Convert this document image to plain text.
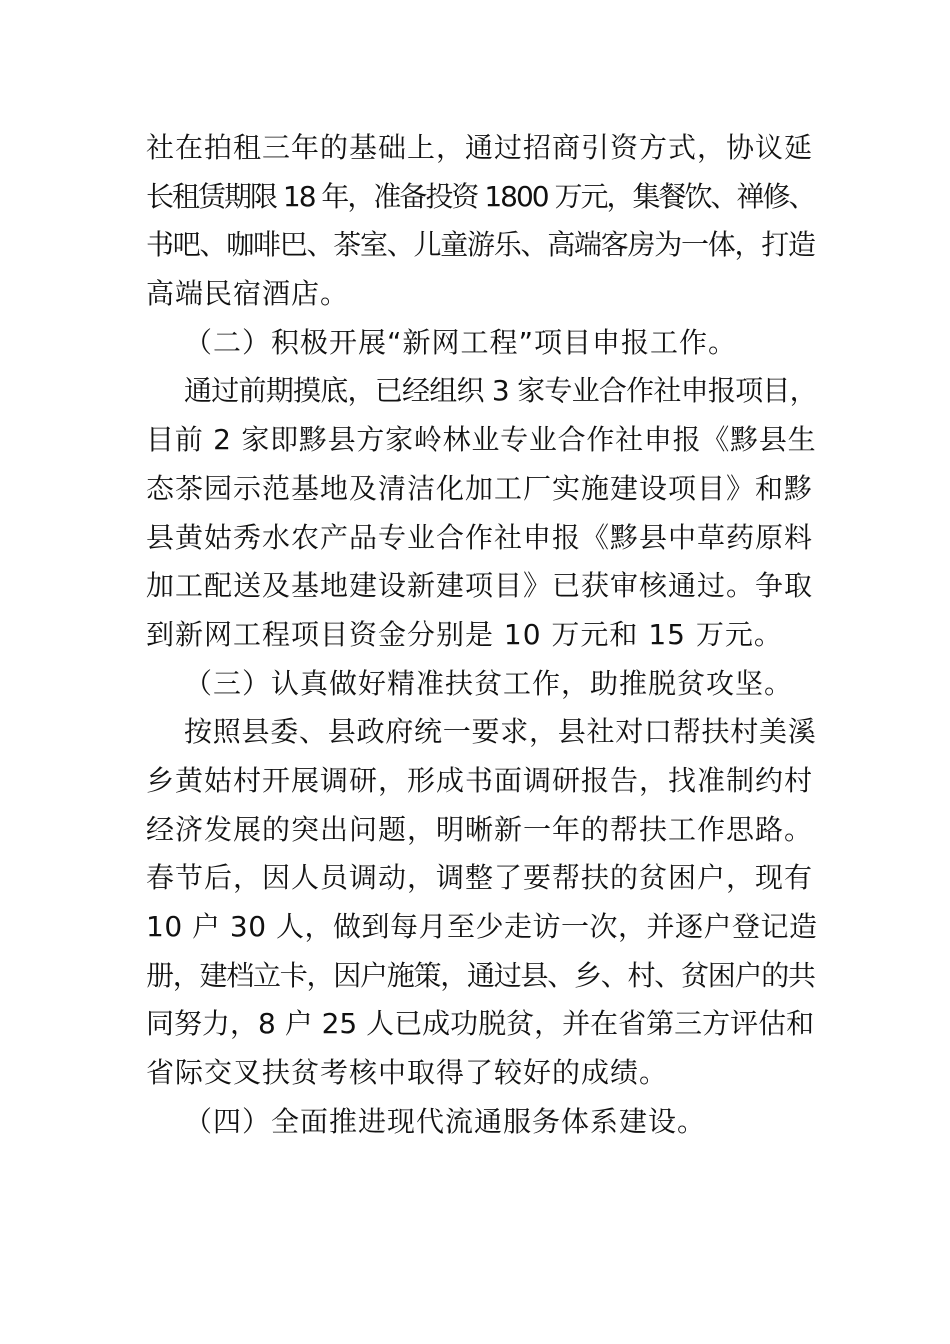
社在拍租三年的基础上，通过招商引资方式，协议延
长租赁期限 18 年，准备投资 1800 万元，集餐饮、禅修、
书吧、咖啡巴、茶室、儿童游乐、高端客房为一体，打造
高端民宿酒店。
（二）积极开展“新网工程”项目申报工作。
通过前期摸底，已经组织 3 家专业合作社申报项目，
目前 2 家即黟县方家岭林业专业合作社申报《黟县生
态茶园示范基地及清洁化加工厂实施建设项目》和黟
县黄姑秀水农产品专业合作社申报《黟县中草药原料
加工配送及基地建设新建项目》已获审核通过。争取
到新网工程项目资金分别是 10 万元和 15 万元。
（三）认真做好精准扶贫工作，助推脱贫攻坚。
按照县委、县政府统一要求，县社对口帮扶村美溪
乡黄姑村开展调研，形成书面调研报告，找准制约村
经济发展的突出问题，明晰新一年的帮扶工作思路。
春节后，因人员调动，调整了要帮扶的贫困户，现有
10 户 30 人，做到每月至少走访一次，并逐户登记造
册，建档立卡，因户施策，通过县、乡、村、贫困户的共
同努力，8 户 25 人已成功脱贫，并在省第三方评估和
省际交叉扶贫考核中取得了较好的成绩。
（四）全面推进现代流通服务体系建设。
